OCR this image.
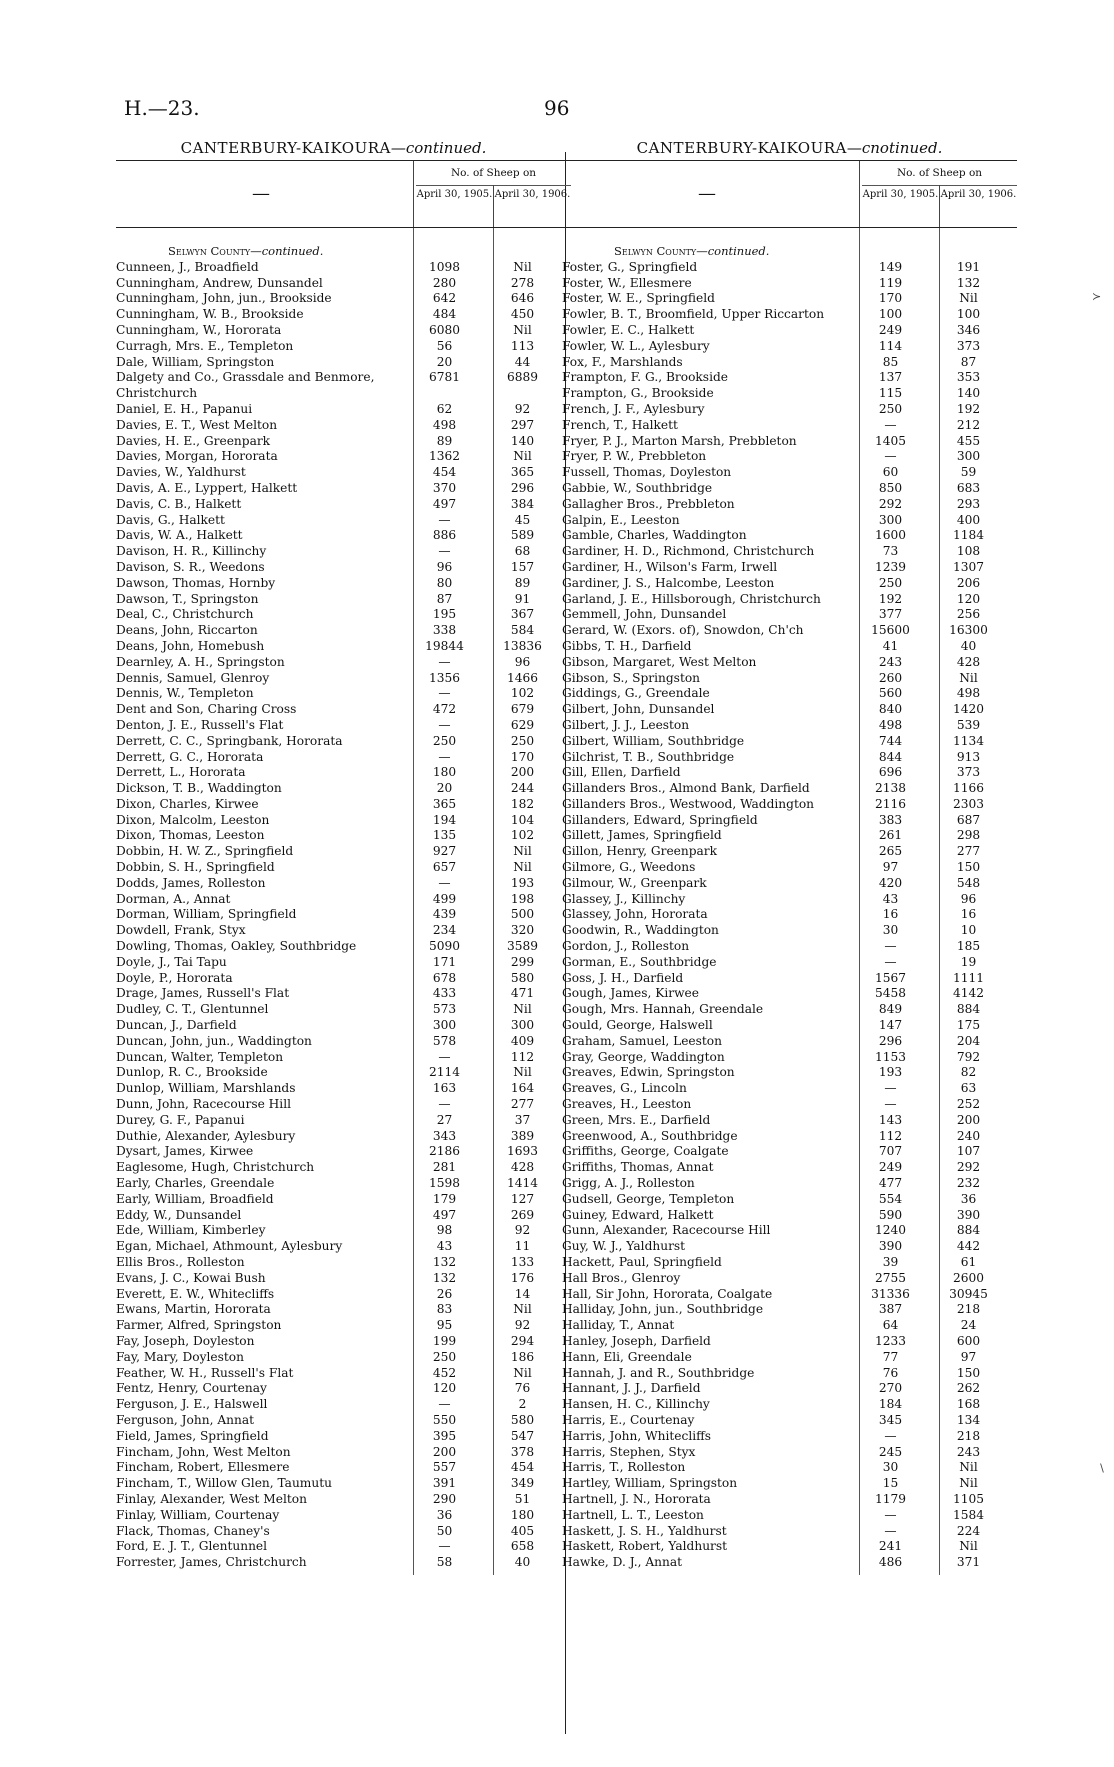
H.—23.	96
CANTERBURY-KAIKOURA—continued.
—
No. of Sheep on
April 30, 1905. April 30, 1906.
Selwyn County—continued.
Cunneen, J., Broadfield	1098	Nil
Cunningham, Andrew, Dunsandel	280	278
Cunningham, John, jun., Brookside	642	646
Cunningham, W. B., Brookside	484	450
Cunningham, W., Hororata	6080	Nil
Curragh, Mrs. E., Templeton	56	113
Dale, William, Springston	20	44
Dalgety and Co., Grassdale and Benmore, Christchurch
6781	6889
Daniel, E. H., Papanui	62	92
Davies, E. T., West Melton	498	297
Davies, H. E., Greenpark	89	140
Davies, Morgan, Hororata	1362	Nil
Davies, W., Yaldhurst	454	365
Davis, A. E., Lyppert, Halkett	370	296
Davis, C. B., Halkett	497	384
Davis, G., Halkett	—	45
Davis, W. A., Halkett	886	589
Davison, H. R., Killinchy	—	68
Davison, S. R., Weedons	96	157
Dawson, Thomas, Hornby	80	89
Dawson, T., Springston	87	91
Deal, C., Christchurch	195	367
Deans, John, Riccarton	338	584
Deans, John, Homebush	19844	13836
Dearnley, A. H., Springston	—	96
Dennis, Samuel, Glenroy	1356	1466
Dennis, W., Templeton	—	102
Dent and Son, Charing Cross	472	679
Denton, J. E., Russell's Flat	—	629
Derrett, C. C., Springbank, Hororata	250	250
Derrett, G. C., Hororata	—	170
Derrett, L., Hororata	180	200
Dickson, T. B., Waddington	20	244
Dixon, Charles, Kirwee	365	182
Dixon, Malcolm, Leeston	194	104
Dixon, Thomas, Leeston	135	102
Dobbin, H. W. Z., Springfield	927	Nil
Dobbin, S. H., Springfield	657	Nil
Dodds, James, Rolleston	—	193
Dorman, A., Annat	499	198
Dorman, William, Springfield	439	500
Dowdell, Frank, Styx	234	320
Dowling, Thomas, Oakley, Southbridge	5090	3589
Doyle, J., Tai Tapu	171	299
Doyle, P., Hororata	678	580
Drage, James, Russell's Flat	433	471
Dudley, C. T., Glentunnel	573	Nil
Duncan, J., Darfield	300	300
Duncan, John, jun., Waddington	578	409
Duncan, Walter, Templeton	—	112
Dunlop, R. C., Brookside	2114	Nil
Dunlop, William, Marshlands	163	164
Dunn, John, Racecourse Hill	—	277
Durey, G. F., Papanui	27	37
Duthie, Alexander, Aylesbury	343	389
Dysart, James, Kirwee	2186	1693
Eaglesome, Hugh, Christchurch	281	428
Early, Charles, Greendale	1598	1414
Early, William, Broadfield	179	127
Eddy, W., Dunsandel	497	269
Ede, William, Kimberley	98	92
Egan, Michael, Athmount, Aylesbury	43	11
Ellis Bros., Rolleston	132	133
Evans, J. C., Kowai Bush	132	176
Everett, E. W., Whitecliffs	26	14
Ewans, Martin, Hororata	83	Nil
Farmer, Alfred, Springston	95	92
Fay, Joseph, Doyleston	199	294
Fay, Mary, Doyleston	250	186
Feather, W. H., Russell's Flat	452	Nil
Fentz, Henry, Courtenay	120	76
Ferguson, J. E., Halswell	—	2
Ferguson, John, Annat	550	580
Field, James, Springfield	395	547
Fincham, John, West Melton	200	378
Fincham, Robert, Ellesmere	557	454
Fincham, T., Willow Glen, Taumutu	391	349
Finlay, Alexander, West Melton	290	51
Finlay, William, Courtenay	36	180
Flack, Thomas, Chaney's	50	405
Ford, E. J. T., Glentunnel	—	658
Forrester, James, Christchurch	58	40
CANTERBURY-KAIKOURA—cnotinued.
—
No. of Sheep on
April 30, 1905. April 30, 1906.
Selwyn County—continued.
Foster, G., Springfield	149	191
Foster, W., Ellesmere	119	132
Foster, W. E., Springfield	170	Nil
Fowler, B. T., Broomfield, Upper Riccarton	100	100
Fowler, E. C., Halkett	249	346
Fowler, W. L., Aylesbury	114	373
Fox, F., Marshlands	85	87
Frampton, F. G., Brookside	137	353
Frampton, G., Brookside	115	140
French, J. F., Aylesbury	250	192
French, T., Halkett	—	212
Fryer, P. J., Marton Marsh, Prebbleton	1405	455
Fryer, P. W., Prebbleton	—	300
Fussell, Thomas, Doyleston	60	59
Gabbie, W., Southbridge	850	683
Gallagher Bros., Prebbleton	292	293
Galpin, E., Leeston	300	400
Gamble, Charles, Waddington	1600	1184
Gardiner, H. D., Richmond, Christchurch	73	108
Gardiner, H., Wilson's Farm, Irwell	1239	1307
Gardiner, J. S., Halcombe, Leeston	250	206
Garland, J. E., Hillsborough, Christchurch	192	120
Gemmell, John, Dunsandel	377	256
Gerard, W. (Exors. of), Snowdon, Ch'ch	15600	16300
Gibbs, T. H., Darfield	41	40
Gibson, Margaret, West Melton	243	428
Gibson, S., Springston	260	Nil
Giddings, G., Greendale	560	498
Gilbert, John, Dunsandel	840	1420
Gilbert, J. J., Leeston	498	539
Gilbert, William, Southbridge	744	1134
Gilchrist, T. B., Southbridge	844	913
Gill, Ellen, Darfield	696	373
Gillanders Bros., Almond Bank, Darfield	2138	1166
Gillanders Bros., Westwood, Waddington	2116	2303
Gillanders, Edward, Springfield	383	687
Gillett, James, Springfield	261	298
Gillon, Henry, Greenpark	265	277
Gilmore, G., Weedons	97	150
Gilmour, W., Greenpark	420	548
Glassey, J., Killinchy	43	96
Glassey, John, Hororata	16	16
Goodwin, R., Waddington	30	10
Gordon, J., Rolleston	—	185
Gorman, E., Southbridge	—	19
Goss, J. H., Darfield	1567	1111
Gough, James, Kirwee	5458	4142
Gough, Mrs. Hannah, Greendale	849	884
Gould, George, Halswell	147	175
Graham, Samuel, Leeston	296	204
Gray, George, Waddington	1153	792
Greaves, Edwin, Springston	193	82
Greaves, G., Lincoln	—	63
Greaves, H., Leeston	—	252
Green, Mrs. E., Darfield	143	200
Greenwood, A., Southbridge	112	240
Griffiths, George, Coalgate	707	107
Griffiths, Thomas, Annat	249	292
Grigg, A. J., Rolleston	477	232
Gudsell, George, Templeton	554	36
Guiney, Edward, Halkett	590	390
Gunn, Alexander, Racecourse Hill	1240	884
Guy, W. J., Yaldhurst	390	442
Hackett, Paul, Springfield	39	61
Hall Bros., Glenroy	2755	2600
Hall, Sir John, Hororata, Coalgate	31336	30945
Halliday, John, jun., Southbridge	387	218
Halliday, T., Annat	64	24
Hanley, Joseph, Darfield	1233	600
Hann, Eli, Greendale	77	97
Hannah, J. and R., Southbridge	76	150
Hannant, J. J., Darfield	270	262
Hansen, H. C., Killinchy	184	168
Harris, E., Courtenay	345	134
Harris, John, Whitecliffs	—	218
Harris, Stephen, Styx	245	243
Harris, T., Rolleston	30	Nil
Hartley, William, Springston	15	Nil
Hartnell, J. N., Hororata	1179	1105
Hartnell, L. T., Leeston	—	1584
Haskett, J. S. H., Yaldhurst	—	224
Haskett, Robert, Yaldhurst	241	Nil
Hawke, D. J., Annat	486	371
≻
∖
